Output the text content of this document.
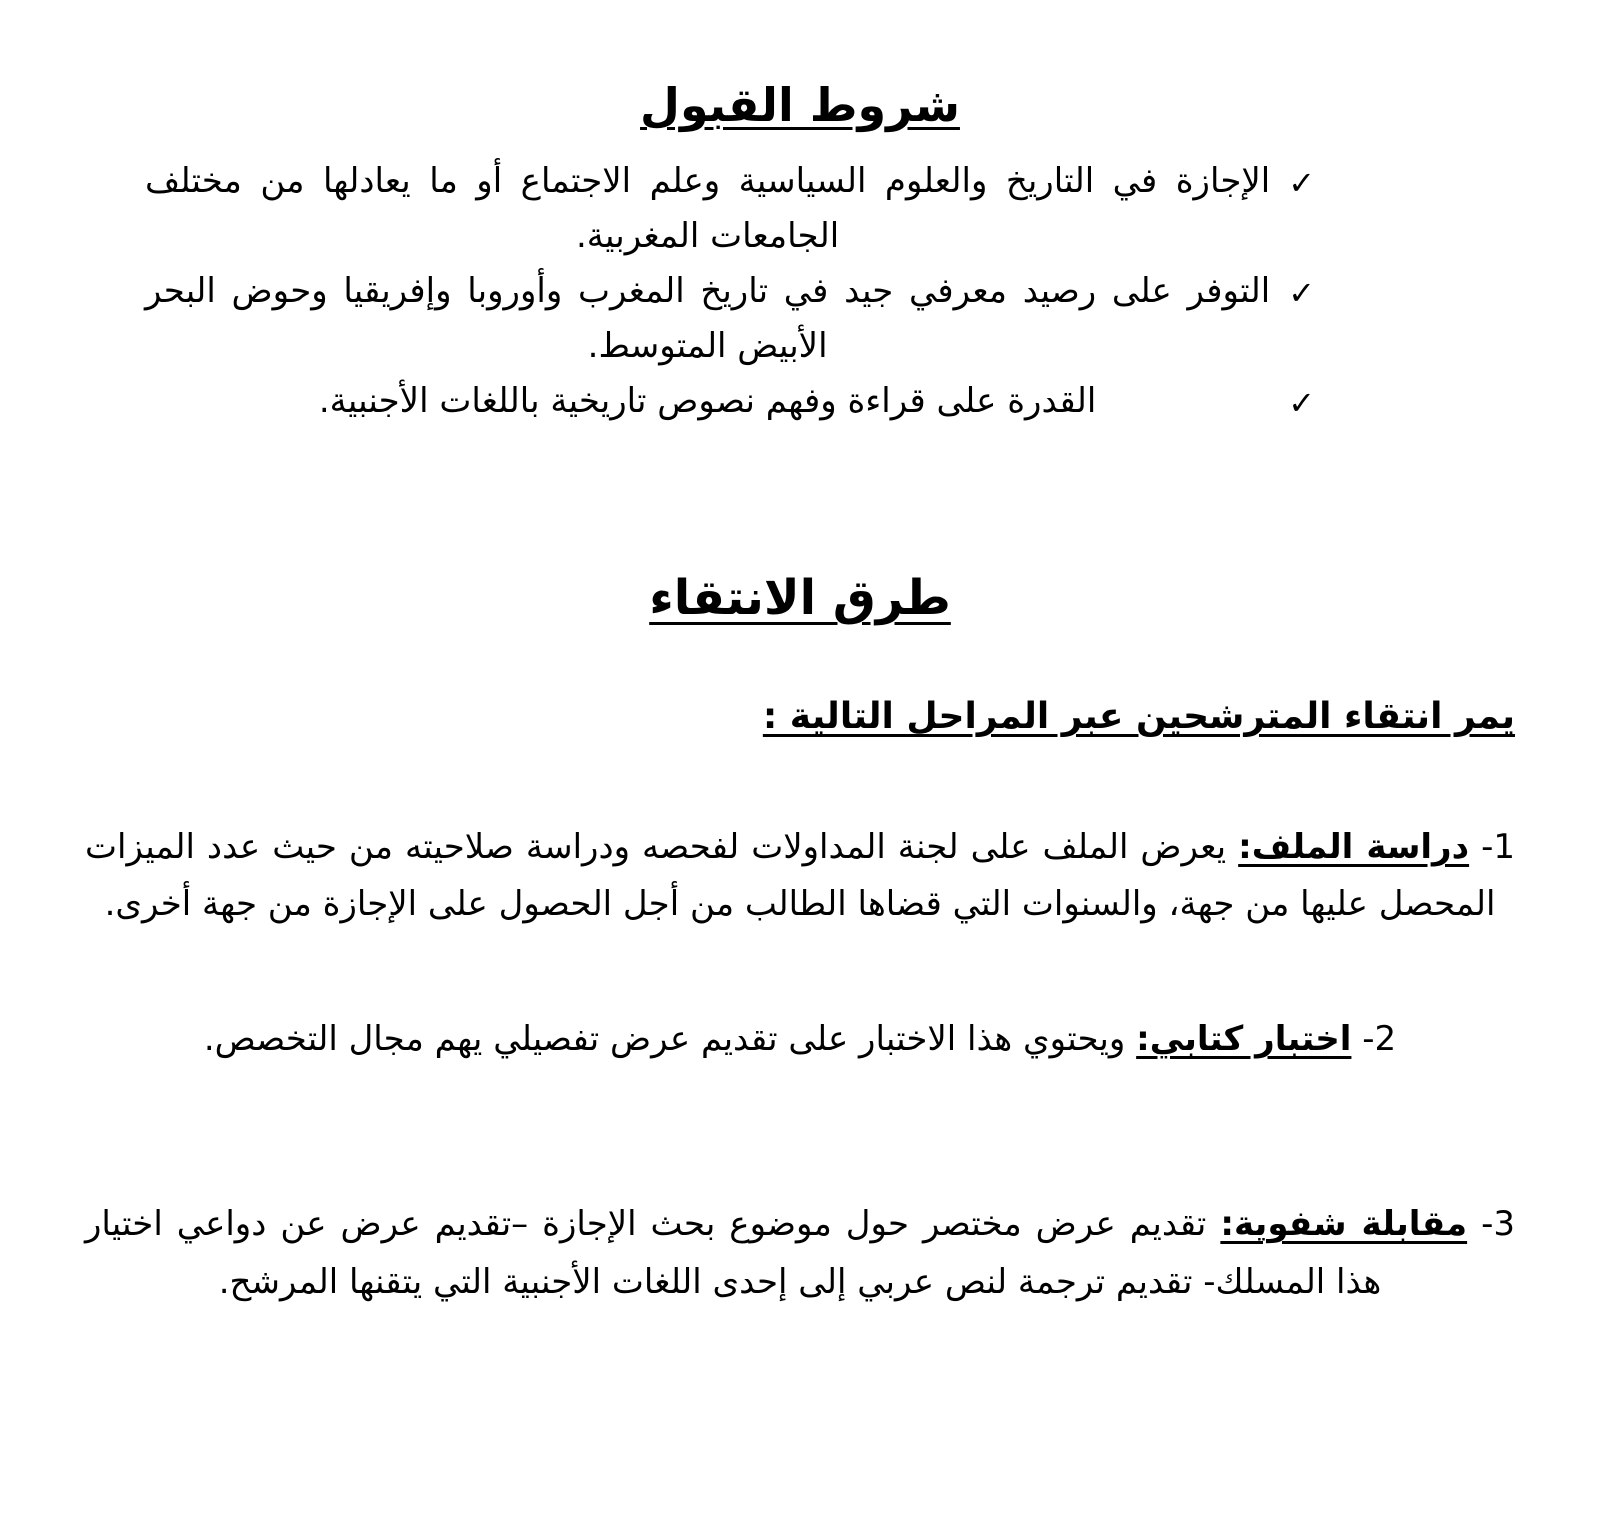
شروط القبول
✓
الإجازة في التاريخ والعلوم السياسية وعلم الاجتماع أو ما يعادلها من مختلف الجامعات المغربية.
✓
التوفر على رصيد معرفي جيد في تاريخ المغرب وأوروبا وإفريقيا وحوض البحر الأبيض المتوسط.
✓
القدرة على قراءة وفهم نصوص تاريخية باللغات الأجنبية.
طرق الانتقاء

يمر انتقاء المترشحين عبر المراحل التالية :

1- دراسة الملف: يعرض الملف على لجنة المداولات لفحصه ودراسة صلاحيته من حيث عدد الميزات المحصل عليها من جهة، والسنوات التي قضاها الطالب من أجل الحصول على الإجازة من جهة أخرى.

2- اختبار كتابي: ويحتوي هذا الاختبار على تقديم عرض تفصيلي يهم مجال التخصص.

3- مقابلة شفوية: تقديم عرض مختصر حول موضوع بحث الإجازة –تقديم عرض عن دواعي اختيار هذا المسلك- تقديم ترجمة لنص عربي إلى إحدى اللغات الأجنبية التي يتقنها المرشح.
